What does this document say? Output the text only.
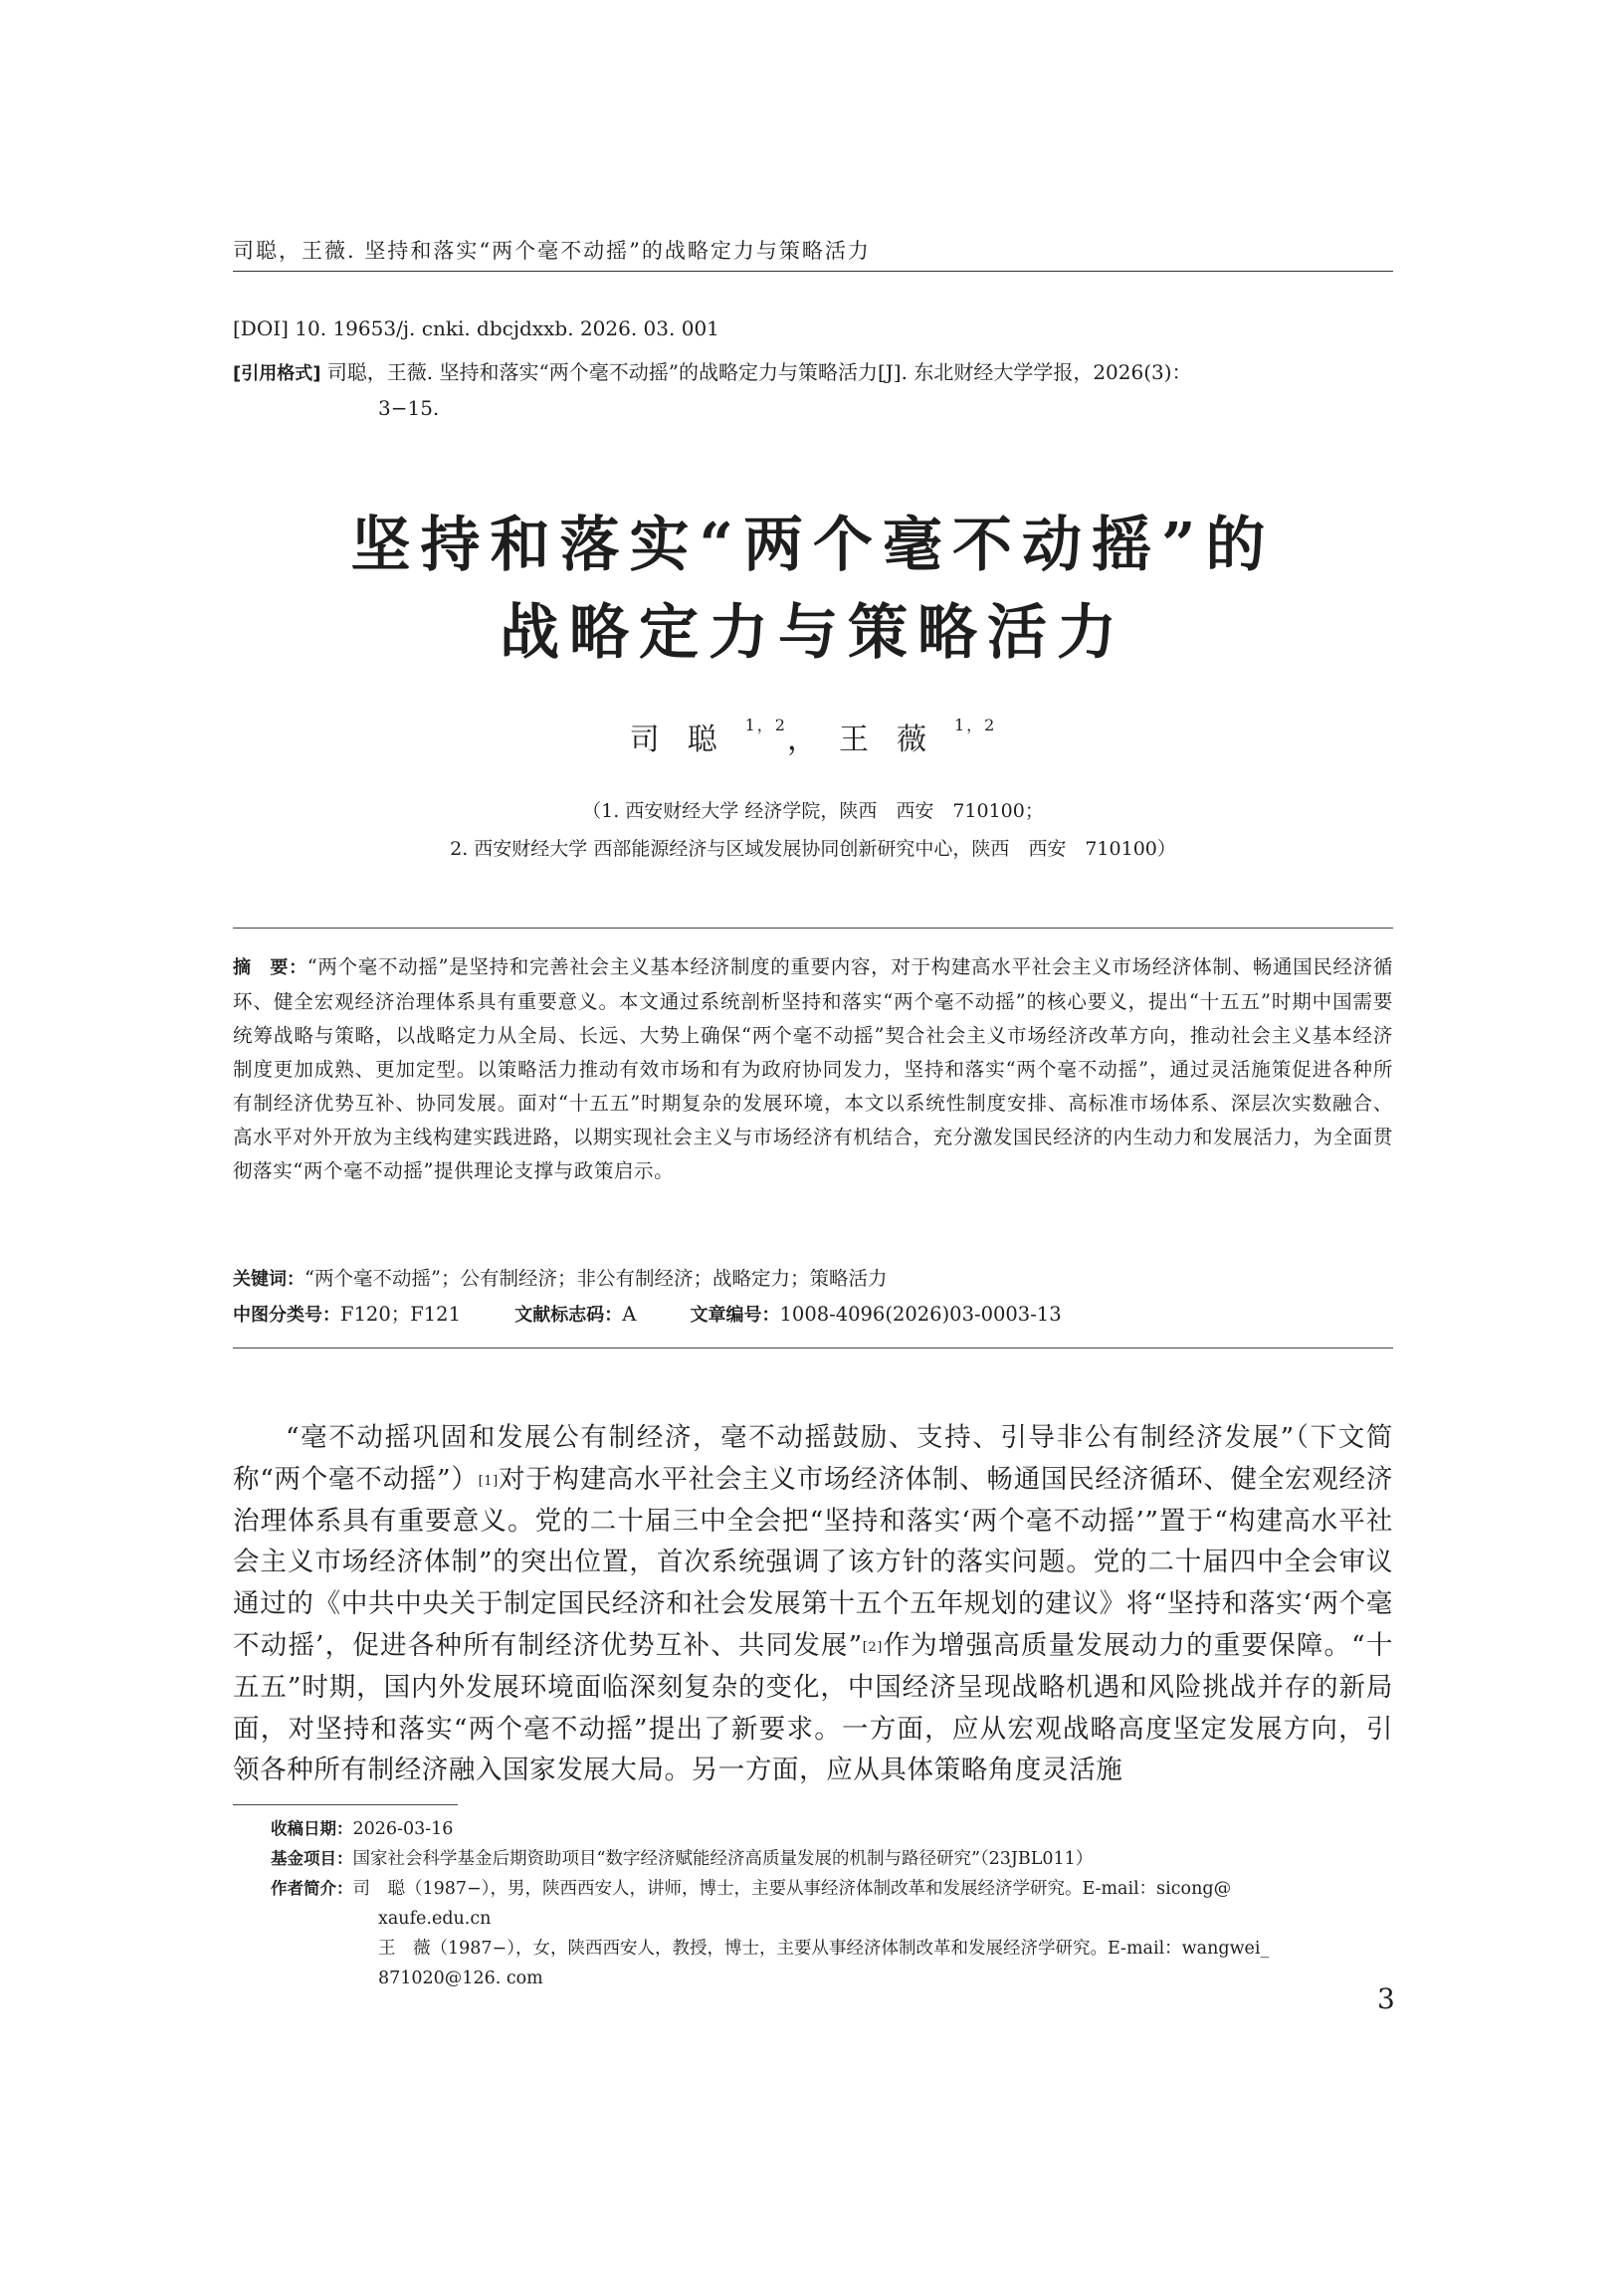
司聪，王薇. 坚持和落实“两个毫不动摇”的战略定力与策略活力
[DOI] 10. 19653/j. cnki. dbcjdxxb. 2026. 03. 001
[引用格式] 司聪，王薇. 坚持和落实“两个毫不动摇”的战略定力与策略活力[J]. 东北财经大学学报，2026(3)：
3−15.
坚持和落实“两个毫不动摇”的
战略定力与策略活力
司聪$^{1,2}$， 王薇$^{1,2}$
（1. 西安财经大学 经济学院，陕西　西安　710100；
2. 西安财经大学 西部能源经济与区域发展协同创新研究中心，陕西　西安　710100）
摘　要：“两个毫不动摇”是坚持和完善社会主义基本经济制度的重要内容，对于构建高水平社会主义市场经济体制、畅通国民经济循环、健全宏观经济治理体系具有重要意义。本文通过系统剖析坚持和落实“两个毫不动摇”的核心要义，提出“十五五”时期中国需要统筹战略与策略，以战略定力从全局、长远、大势上确保“两个毫不动摇”契合社会主义市场经济改革方向，推动社会主义基本经济制度更加成熟、更加定型。以策略活力推动有效市场和有为政府协同发力，坚持和落实“两个毫不动摇”，通过灵活施策促进各种所有制经济优势互补、协同发展。面对“十五五”时期复杂的发展环境，本文以系统性制度安排、高标准市场体系、深层次实数融合、高水平对外开放为主线构建实践进路，以期实现社会主义与市场经济有机结合，充分激发国民经济的内生动力和发展活力，为全面贯彻落实“两个毫不动摇”提供理论支撑与政策启示。
关键词：“两个毫不动摇”；公有制经济；非公有制经济；战略定力；策略活力
中图分类号：F120；F121	文献标志码：A	文章编号：1008-4096(2026)03-0003-13
“毫不动摇巩固和发展公有制经济，毫不动摇鼓励、支持、引导非公有制经济发展”（下文简称“两个毫不动摇”）[1]对于构建高水平社会主义市场经济体制、畅通国民经济循环、健全宏观经济治理体系具有重要意义。党的二十届三中全会把“坚持和落实‘两个毫不动摇’”置于“构建高水平社会主义市场经济体制”的突出位置，首次系统强调了该方针的落实问题。党的二十届四中全会审议通过的《中共中央关于制定国民经济和社会发展第十五个五年规划的建议》将“坚持和落实‘两个毫不动摇’，促进各种所有制经济优势互补、共同发展”[2]作为增强高质量发展动力的重要保障。“十五五”时期，国内外发展环境面临深刻复杂的变化，中国经济呈现战略机遇和风险挑战并存的新局面，对坚持和落实“两个毫不动摇”提出了新要求。一方面，应从宏观战略高度坚定发展方向，引领各种所有制经济融入国家发展大局。另一方面，应从具体策略角度灵活施
收稿日期：2026-03-16
基金项目：国家社会科学基金后期资助项目“数字经济赋能经济高质量发展的机制与路径研究”（23JBL011）
作者简介：司　聪（1987−），男，陕西西安人，讲师，博士，主要从事经济体制改革和发展经济学研究。E-mail：sicong@
xaufe.edu.cn
王　薇（1987−），女，陕西西安人，教授，博士，主要从事经济体制改革和发展经济学研究。E-mail：wangwei_
871020@126. com
3
